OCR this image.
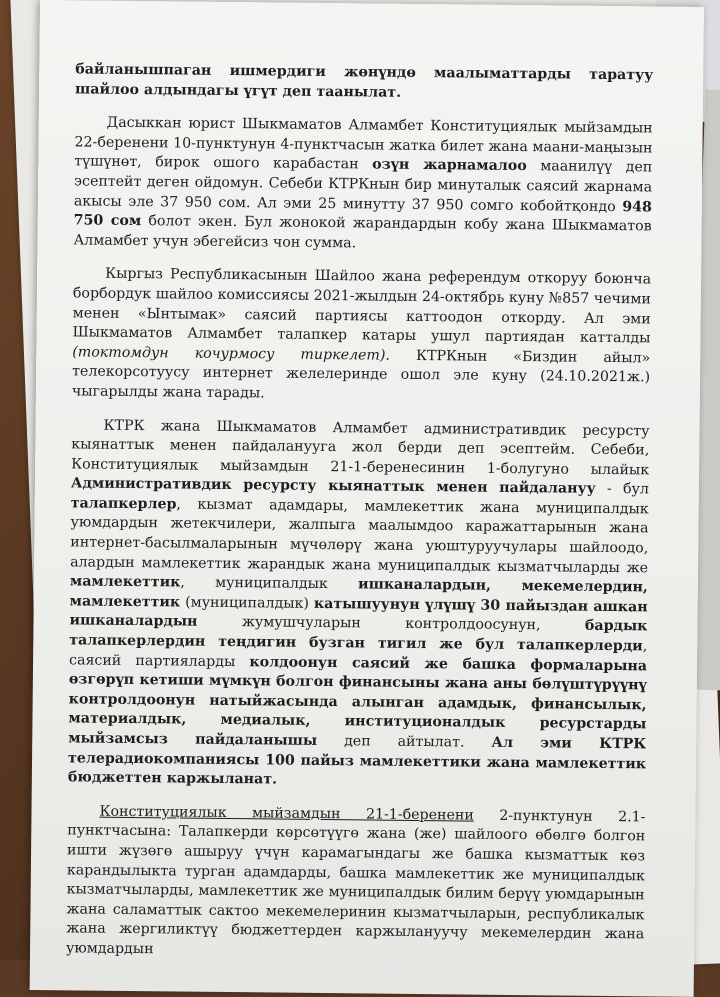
байланышпаган ишмердиги жөнүндө маалыматтарды таратуу шайлоо алдындагы үгүт деп таанылат.

Дасыккан юрист Шыкмаматов Алмамбет Конституциялык мыйзамдын 22-беренени 10-пунктунун 4-пунктчасын жатка билет жана маани-маңызын түшүнөт, бирок ошого карабастан озүн жарнамалоо маанилүү деп эсептейт деген ойдомун. Себеби КТРКнын бир минуталык саясий жарнама акысы эле 37 950 сом. Ал эми 25 минутту 37 950 сомго кобойтқондо 948 750 сом болот экен. Бул жонокой жарандардын кобу жана Шыкмаматов Алмамбет учун эбегейсиз чон сумма.

Кыргыз Республикасынын Шайлоо жана референдум откоруу боюнча борбордук шайлоо комиссиясы 2021-жылдын 24-октябрь куну №857 чечими менен «Ынтымак» саясий партиясы каттоодон откорду. Ал эми Шыкмаматов Алмамбет талапкер катары ушул партиядан катталды (токтомдун кочурмосу тиркелет). КТРКнын «Биздин айыл» телекорсотуусу интернет желелеринде ошол эле куну (24.10.2021ж.) чыгарылды жана тарады.

КТРК жана Шыкмаматов Алмамбет административдик ресурсту кыянаттык менен пайдаланууга жол берди деп эсептейм. Себеби, Конституциялык мыйзамдын 21-1-беренесинин 1-болугуно ылайык Административдик ресурсту кыянаттык менен пайдалануу - бул талапкерлер, кызмат адамдары, мамлекеттик жана муниципалдык уюмдардын жетекчилери, жалпыга маалымдоо каражаттарынын жана интернет-басылмаларынын мүчөлөрү жана уюштуруучулары шайлоодо, алардын мамлекеттик жарандык жана муниципалдык кызматчыларды же мамлекеттик, муниципалдык ишканалардын, мекемелердин, мамлекеттик (муниципалдык) катышуунун үлүшү 30 пайыздан ашкан ишканалардын жумушчуларын контролдоосунун, бардык талапкерлердин теңдигин бузган тигил же бул талапкерлерди, саясий партияларды колдоонун саясий же башка формаларына өзгөрүп кетиши мүмкүн болгон финансыны жана аны бөлүштүрүүнү контролдоонун натыйжасында алынган адамдык, финансылык, материалдык, медиалык, институционалдык ресурстарды мыйзамсыз пайдаланышы деп айтылат. Ал эми КТРК телерадиокомпаниясы 100 пайыз мамлекеттики жана мамлекеттик бюджеттен каржыланат.

Конституциялык мыйзамдын 21-1-беренени 2-пунктунун 2.1-пунктчасына: Талапкерди көрсөтүүгө жана (же) шайлоого өбөлгө болгон ишти жүзөгө ашыруу үчүн карамагындагы же башка кызматтык көз карандылыкта турган адамдарды, башка мамлекеттик же муниципалдык кызматчыларды, мамлекеттик же муниципалдык билим берүү уюмдарынын жана саламаттык сактоо мекемелеринин кызматчыларын, республикалык жана жергиликтүү бюджеттерден каржылануучу мекемелердин жана уюмдардын
